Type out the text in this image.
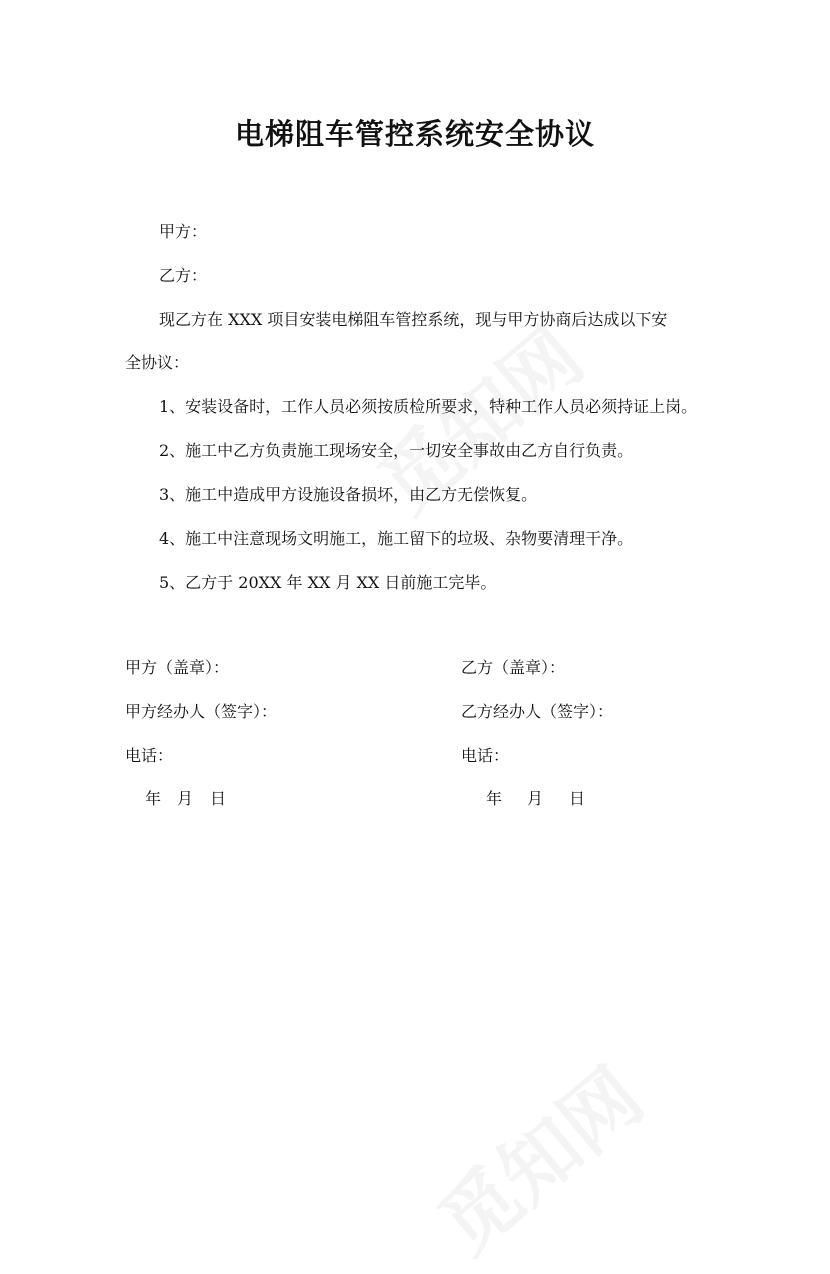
电梯阻车管控系统安全协议
甲方：
乙方：
现乙方在 XXX 项目安装电梯阻车管控系统，现与甲方协商后达成以下安
全协议：
1、安装设备时，工作人员必须按质检所要求，特种工作人员必须持证上岗。
2、施工中乙方负责施工现场安全，一切安全事故由乙方自行负责。
3、施工中造成甲方设施设备损坏，由乙方无偿恢复。
4、施工中注意现场文明施工，施工留下的垃圾、杂物要清理干净。
5、乙方于 20XX 年 XX 月 XX 日前施工完毕。
甲方（盖章）：
甲方经办人（签字）：
电话：
年 月 日
乙方（盖章）：
乙方经办人（签字）：
电话：
年 月 日
